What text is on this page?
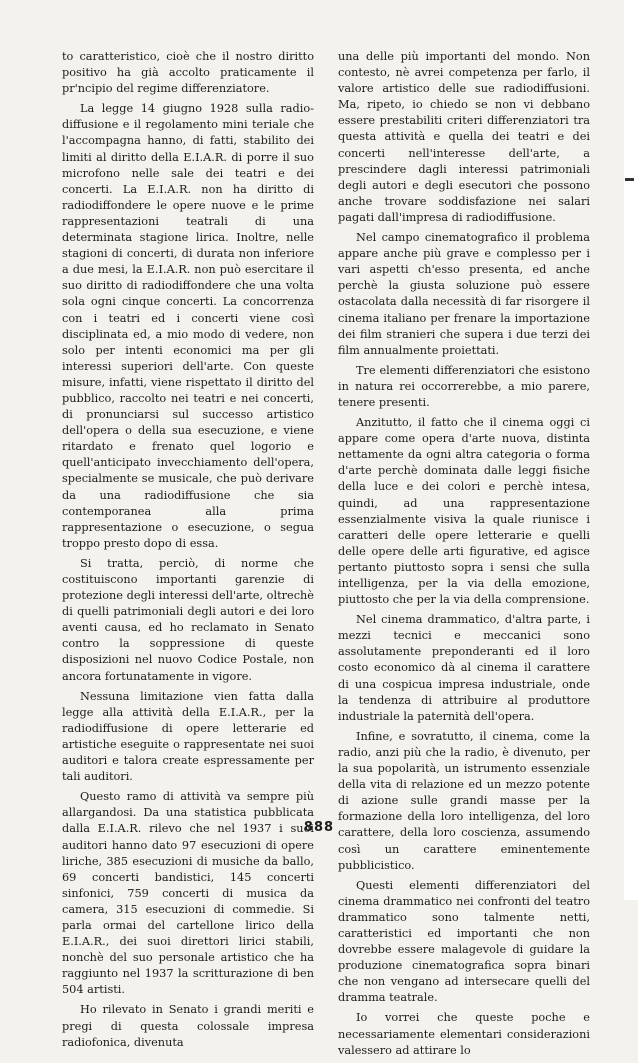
to caratteristico, cioè che il nostro diritto positivo ha già accolto praticamente il pr'ncipio del regime differenziatore.

La legge 14 giugno 1928 sulla radio-diffusione e il regolamento mini teriale che l'accompagna hanno, di fatti, stabilito dei limiti al diritto della E.I.A.R. di porre il suo microfono nelle sale dei teatri e dei concerti. La E.I.A.R. non ha diritto di radiodiffondere le opere nuove e le prime rappresentazioni teatrali di una determinata stagione lirica. Inoltre, nelle stagioni di concerti, di durata non inferiore a due mesi, la E.I.A.R. non può esercitare il suo diritto di radiodiffondere che una volta sola ogni cinque concerti. La concorrenza con i teatri ed i concerti viene così disciplinata ed, a mio modo di vedere, non solo per intenti economici ma per gli interessi superiori dell'arte. Con queste misure, infatti, viene rispettato il diritto del pubblico, raccolto nei teatri e nei concerti, di pronunciarsi sul successo artistico dell'opera o della sua esecuzione, e viene ritardato e frenato quel logorio e quell'anticipato invecchiamento dell'opera, specialmente se musicale, che può derivare da una radiodiffusione che sia contemporanea alla prima rappresentazione o esecuzione, o segua troppo presto dopo di essa.

Si tratta, perciò, di norme che costituiscono importanti garenzie di protezione degli interessi dell'arte, oltrechè di quelli patrimoniali degli autori e dei loro aventi causa, ed ho reclamato in Senato contro la soppressione di queste disposizioni nel nuovo Codice Postale, non ancora fortunatamente in vigore.

Nessuna limitazione vien fatta dalla legge alla attività della E.I.A.R., per la radiodiffusione di opere letterarie ed artistiche eseguite o rappresentate nei suoi auditori e talora create espressamente per tali auditori.

Questo ramo di attività va sempre più allargandosi. Da una statistica pubblicata dalla E.I.A.R. rilevo che nel 1937 i suoi auditori hanno dato 97 esecuzioni di opere liriche, 385 esecuzioni di musiche da ballo, 69 concerti bandistici, 145 concerti sinfonici, 759 concerti di musica da camera, 315 esecuzioni di commedie. Si parla ormai del cartellone lirico della E.I.A.R., dei suoi direttori lirici stabili, nonchè del suo personale artistico che ha raggiunto nel 1937 la scritturazione di ben 504 artisti.

Ho rilevato in Senato i grandi meriti e pregi di questa colossale impresa radiofonica, divenuta

una delle più importanti del mondo. Non contesto, nè avrei competenza per farlo, il valore artistico delle sue radiodiffusioni. Ma, ripeto, io chiedo se non vi debbano essere prestabiliti criteri differenziatori tra questa attività e quella dei teatri e dei concerti nell'interesse dell'arte, a prescindere dagli interessi patrimoniali degli autori e degli esecutori che possono anche trovare soddisfazione nei salari pagati dall'impresa di radiodiffusione.

Nel campo cinematografico il problema appare anche più grave e complesso per i vari aspetti ch'esso presenta, ed anche perchè la giusta soluzione può essere ostacolata dalla necessità di far risorgere il cinema italiano per frenare la importazione dei film stranieri che supera i due terzi dei film annualmente proiettati.

Tre elementi differenziatori che esistono in natura rei occorrerebbe, a mio parere, tenere presenti.

Anzitutto, il fatto che il cinema oggi ci appare come opera d'arte nuova, distinta nettamente da ogni altra categoria o forma d'arte perchè dominata dalle leggi fisiche della luce e dei colori e perchè intesa, quindi, ad una rappresentazione essenzialmente visiva la quale riunisce i caratteri delle opere letterarie e quelli delle opere delle arti figurative, ed agisce pertanto piuttosto sopra i sensi che sulla intelligenza, per la via della emozione, piuttosto che per la via della comprensione.

Nel cinema drammatico, d'altra parte, i mezzi tecnici e meccanici sono assolutamente preponderanti ed il loro costo economico dà al cinema il carattere di una cospicua impresa industriale, onde la tendenza di attribuire al produttore industriale la paternità dell'opera.

Infine, e sovratutto, il cinema, come la radio, anzi più che la radio, è divenuto, per la sua popolarità, un istrumento essenziale della vita di relazione ed un mezzo potente di azione sulle grandi masse per la formazione della loro intelligenza, del loro carattere, della loro coscienza, assumendo così un carattere eminentemente pubblicistico.

Questi elementi differenziatori del cinema drammatico nei confronti del teatro drammatico sono talmente netti, caratteristici ed importanti che non dovrebbe essere malagevole di guidare la produzione cinematografica sopra binari che non vengano ad intersecare quelli del dramma teatrale.

Io vorrei che queste poche e necessariamente elementari considerazioni valessero ad attirare lo

888
